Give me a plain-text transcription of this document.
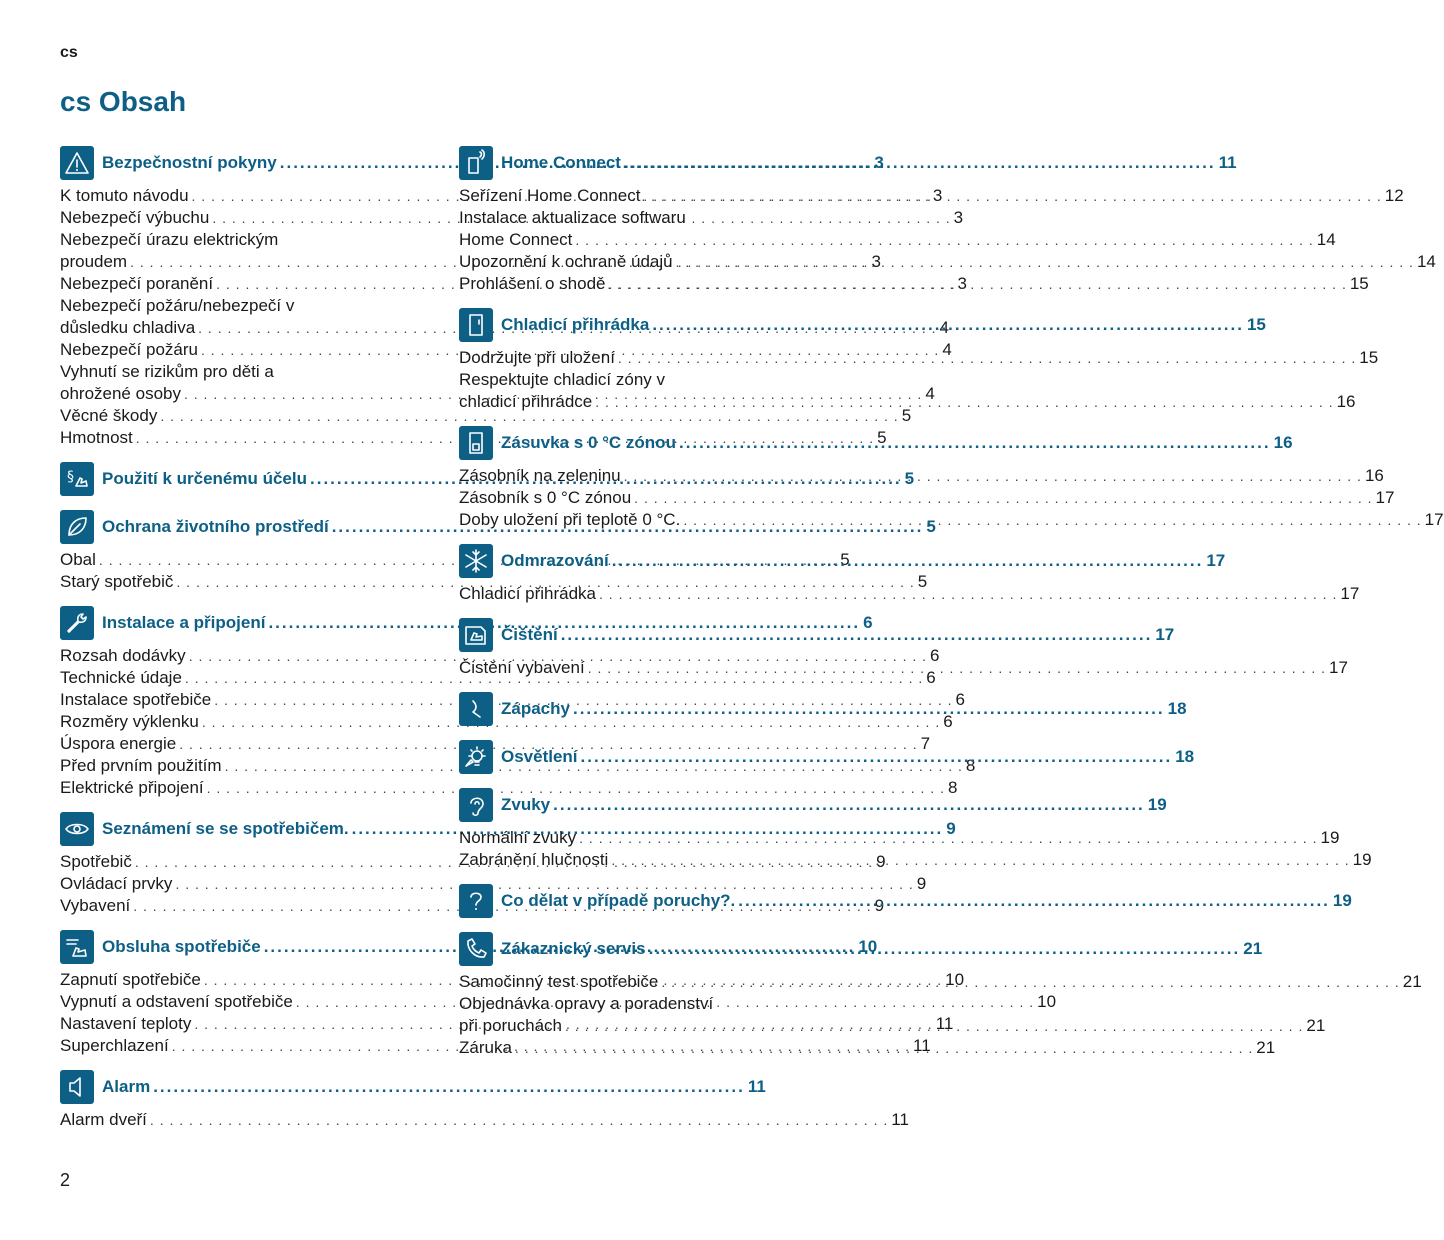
cs
cs Obsah
Bezpečnostní pokyny .....	3
K tomuto návodu . . .	3
Nebezpečí výbuchu . . .	3
Nebezpečí úrazu elektrickým
proudem . . .	3
Nebezpečí poranění . . .	3
Nebezpečí požáru/nebezpečí v
důsledku chladiva . . .	4
Nebezpečí požáru . . .	4
Vyhnutí se rizikům pro děti a
ohrožené osoby . . .	4
Věcné škody . . .	5
Hmotnost . . .	5
§ Použití k určenému účelu .....	5
Ochrana životního prostředí .....	5
Obal . . .	5
Starý spotřebič . . .	5
Instalace a připojení .....	6
Rozsah dodávky . . .	6
Technické údaje . . .	6
Instalace spotřebiče . . .	6
Rozměry výklenku . . .	6
Úspora energie . . .	7
Před prvním použitím . . .	8
Elektrické připojení . . .	8
Seznámení se se spotřebičem. .....	9
Spotřebič . . .	9
Ovládací prvky . . .	9
Vybavení . . .	9
Obsluha spotřebiče .....	10
Zapnutí spotřebiče . . .	10
Vypnutí a odstavení spotřebiče . . .	10
Nastavení teploty . . .	11
Superchlazení . . .	11
Alarm .....	11
Alarm dveří . . .	11
Home Connect .....	11
Seřízení Home Connect . . .	12
Instalace aktualizace softwaru
Home Connect . . .	14
Upozornění k ochraně údajů . . .	14
Prohlášení o shodě . . .	15
Chladicí přihrádka .....	15
Dodržujte při uložení . . .	15
Respektujte chladicí zóny v
chladicí přihrádce . . .	16
Zásuvka s 0 °C zónou .....	16
Zásobník na zeleninu . . .	16
Zásobník s 0 °C zónou . . .	17
Doby uložení při teplotě 0 °C. . . .	17
Odmrazování .....	17
Chladicí přihrádka . . .	17
Čištění .....	17
Čistění vybavení . . .	17
Zápachy .....	18
Osvětlení .....	18
Zvuky .....	19
Normální zvuky . . .	19
Zabránění hlučnosti . . .	19
Co dělat v případě poruchy?. .....	19
Zákaznický servis .....	21
Samočinný test spotřebiče . . .	21
Objednávka opravy a poradenství
při poruchách . . .	21
Záruka . . .	21
2
